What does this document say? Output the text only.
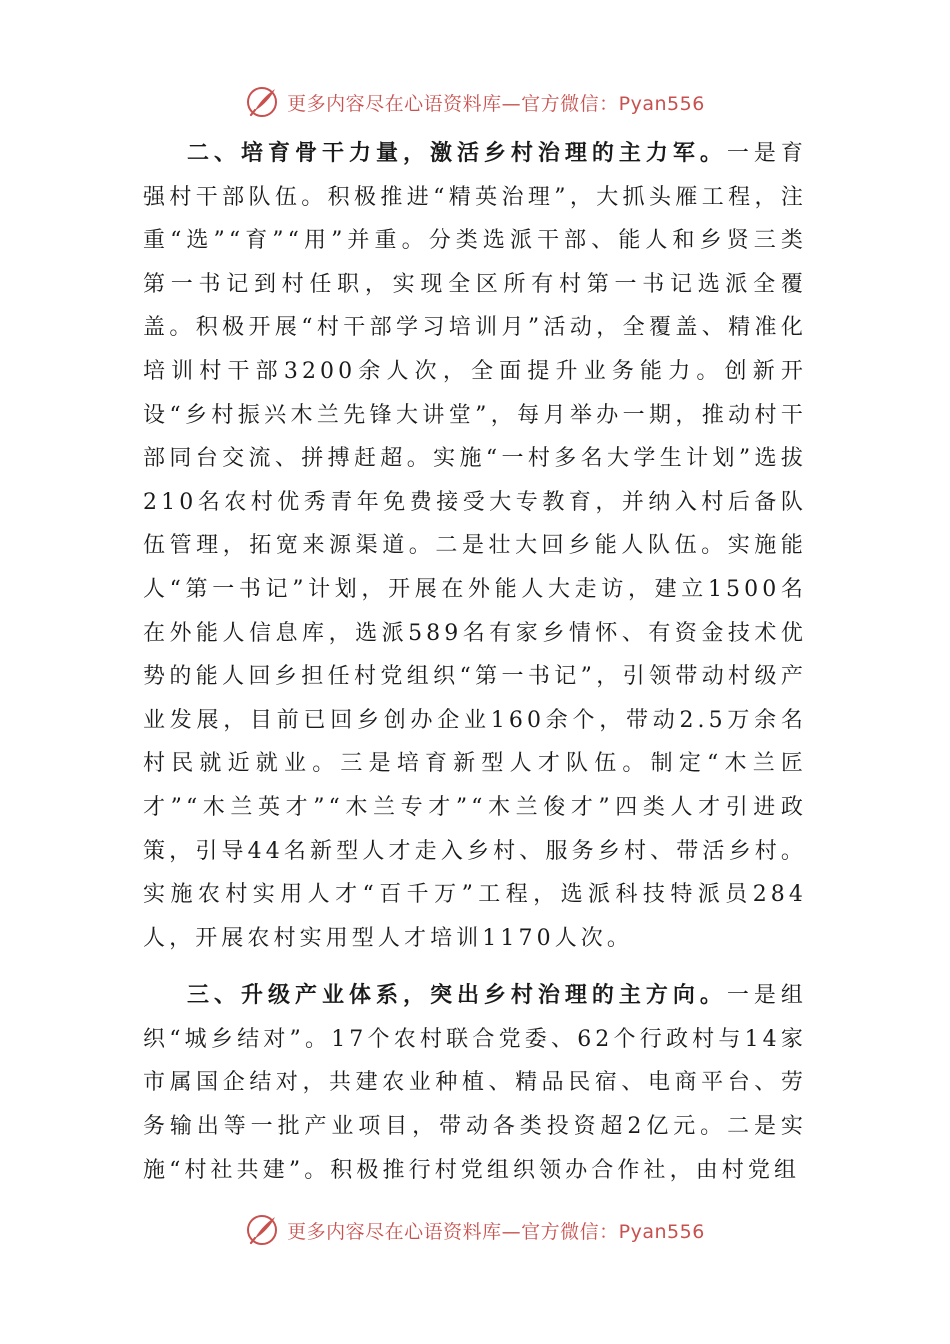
更多内容尽在心语资料库—官方微信：Pyan556

二、培育骨干力量，激活乡村治理的主力军。一是育强村干部队伍。积极推进“精英治理”，大抓头雁工程，注重“选”“育”“用”并重。分类选派干部、能人和乡贤三类第一书记到村任职，实现全区所有村第一书记选派全覆盖。积极开展“村干部学习培训月”活动，全覆盖、精准化培训村干部3200余人次，全面提升业务能力。创新开设“乡村振兴木兰先锋大讲堂”，每月举办一期，推动村干部同台交流、拼搏赶超。实施“一村多名大学生计划”选拔210名农村优秀青年免费接受大专教育，并纳入村后备队伍管理，拓宽来源渠道。二是壮大回乡能人队伍。实施能人“第一书记”计划，开展在外能人大走访，建立1500名在外能人信息库，选派589名有家乡情怀、有资金技术优势的能人回乡担任村党组织“第一书记”，引领带动村级产业发展，目前已回乡创办企业160余个，带动2.5万余名村民就近就业。三是培育新型人才队伍。制定“木兰匠才”“木兰英才”“木兰专才”“木兰俊才”四类人才引进政策，引导44名新型人才走入乡村、服务乡村、带活乡村。实施农村实用人才“百千万”工程，选派科技特派员284人，开展农村实用型人才培训1170人次。

三、升级产业体系，突出乡村治理的主方向。一是组织“城乡结对”。17个农村联合党委、62个行政村与14家市属国企结对，共建农业种植、精品民宿、电商平台、劳务输出等一批产业项目，带动各类投资超2亿元。二是实施“村社共建”。积极推行村党组织领办合作社，由村党组

更多内容尽在心语资料库—官方微信：Pyan556
